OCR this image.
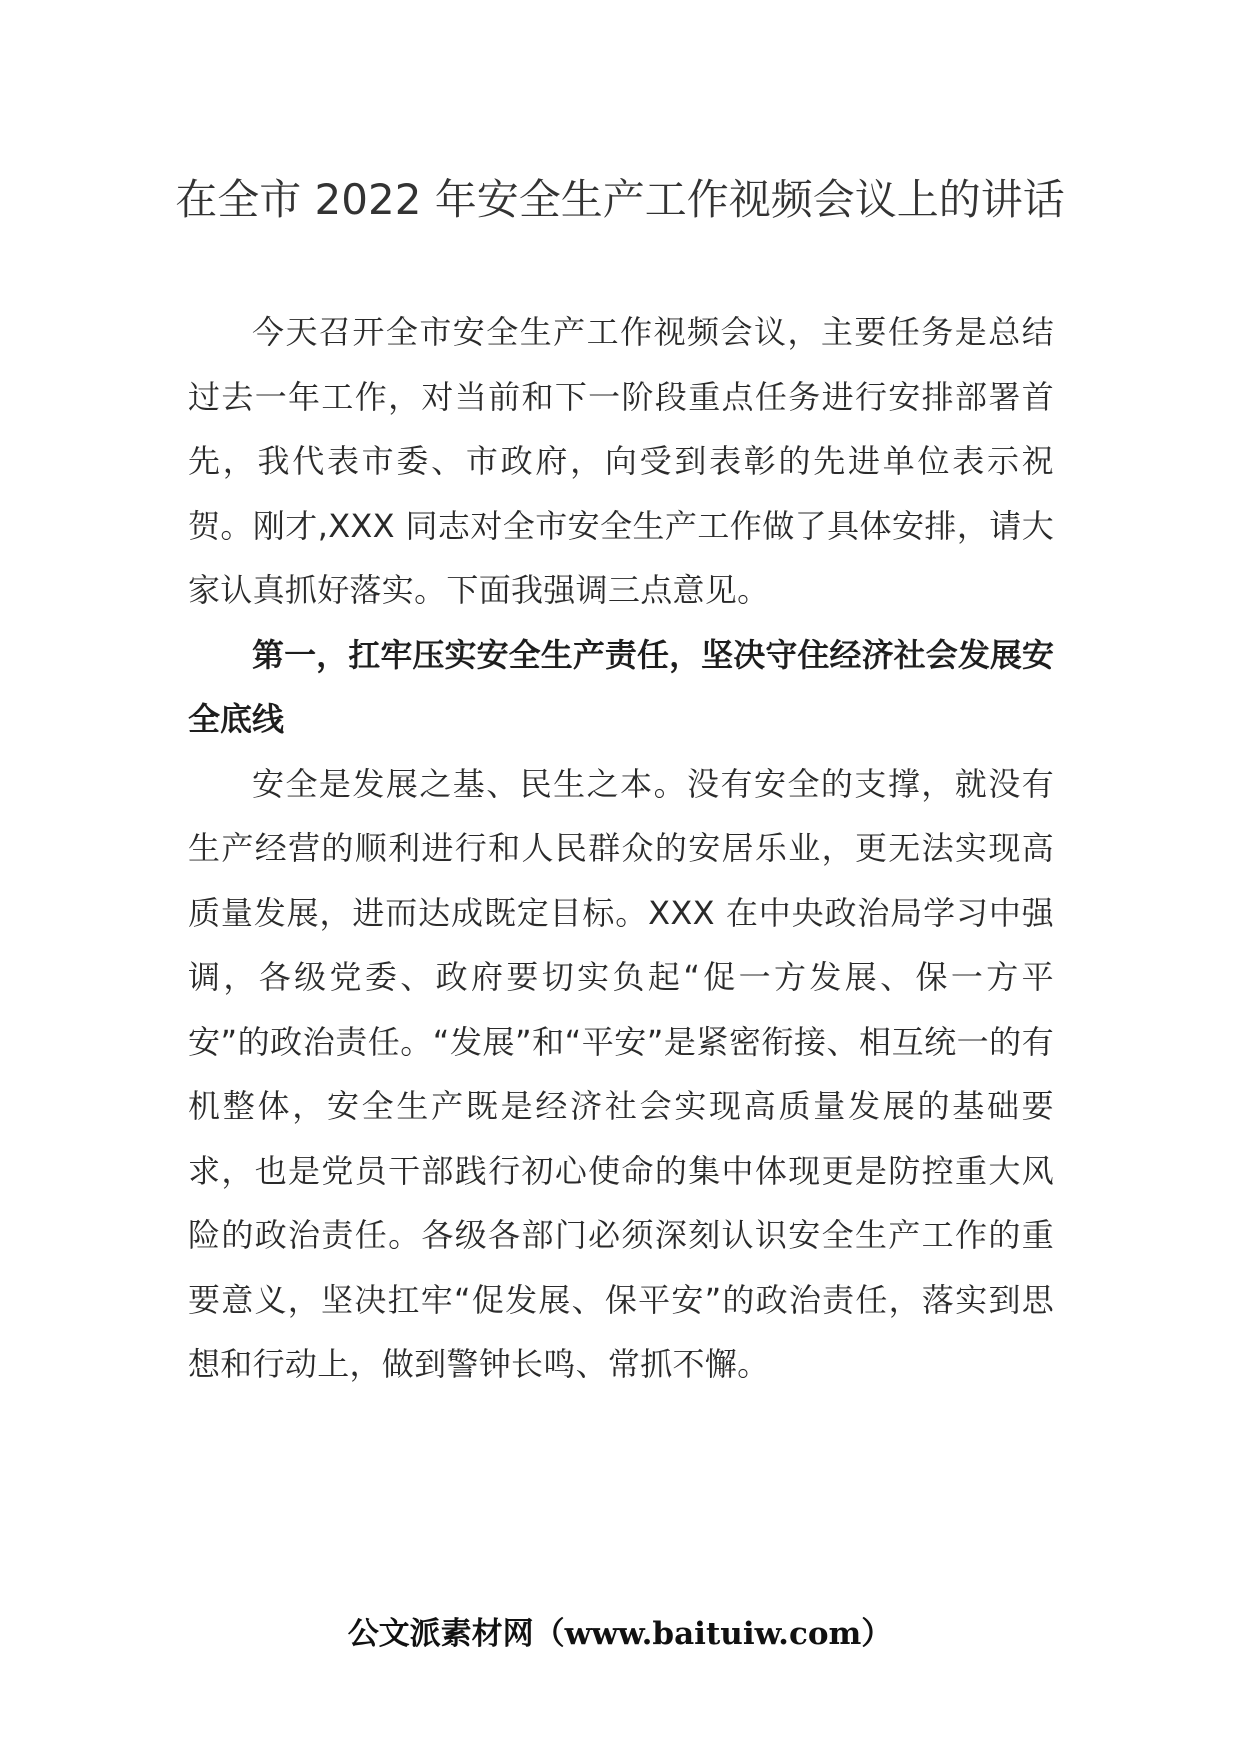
在全市 2022 年安全生产工作视频会议上的讲话

今天召开全市安全生产工作视频会议，主要任务是总结过去一年工作，对当前和下一阶段重点任务进行安排部署首先，我代表市委、市政府，向受到表彰的先进单位表示祝贺。刚才,XXX 同志对全市安全生产工作做了具体安排，请大家认真抓好落实。下面我强调三点意见。

第一，扛牢压实安全生产责任，坚决守住经济社会发展安全底线

安全是发展之基、民生之本。没有安全的支撑，就没有生产经营的顺利进行和人民群众的安居乐业，更无法实现高质量发展，进而达成既定目标。XXX 在中央政治局学习中强调，各级党委、政府要切实负起“促一方发展、保一方平安”的政治责任。“发展”和“平安”是紧密衔接、相互统一的有机整体，安全生产既是经济社会实现高质量发展的基础要求，也是党员干部践行初心使命的集中体现更是防控重大风险的政治责任。各级各部门必须深刻认识安全生产工作的重要意义，坚决扛牢“促发展、保平安”的政治责任，落实到思想和行动上，做到警钟长鸣、常抓不懈。

公文派素材网（www.baituiw.com）
